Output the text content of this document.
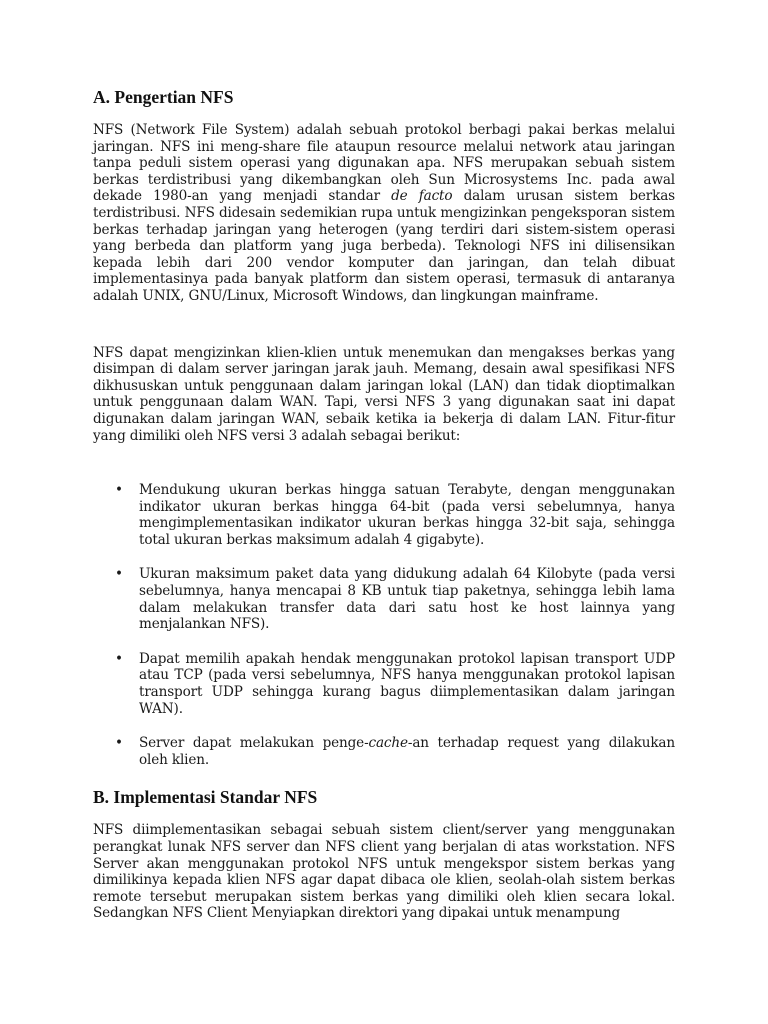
A. Pengertian NFS

NFS (Network File System) adalah sebuah protokol berbagi pakai berkas melalui jaringan. NFS ini meng-share file ataupun resource melalui network atau jaringan tanpa peduli sistem operasi yang digunakan apa. NFS merupakan sebuah sistem berkas terdistribusi yang dikembangkan oleh Sun Microsystems Inc. pada awal dekade 1980-an yang menjadi standar de facto dalam urusan sistem berkas terdistribusi. NFS didesain sedemikian rupa untuk mengizinkan pengeksporan sistem berkas terhadap jaringan yang heterogen (yang terdiri dari sistem-sistem operasi yang berbeda dan platform yang juga berbeda). Teknologi NFS ini dilisensikan kepada lebih dari 200 vendor komputer dan jaringan, dan telah dibuat implementasinya pada banyak platform dan sistem operasi, termasuk di antaranya adalah UNIX, GNU/Linux, Microsoft Windows, dan lingkungan mainframe.

NFS dapat mengizinkan klien-klien untuk menemukan dan mengakses berkas yang disimpan di dalam server jaringan jarak jauh. Memang, desain awal spesifikasi NFS dikhususkan untuk penggunaan dalam jaringan lokal (LAN) dan tidak dioptimalkan untuk penggunaan dalam WAN. Tapi, versi NFS 3 yang digunakan saat ini dapat digunakan dalam jaringan WAN, sebaik ketika ia bekerja di dalam LAN. Fitur-fitur yang dimiliki oleh NFS versi 3 adalah sebagai berikut:

• Mendukung ukuran berkas hingga satuan Terabyte, dengan menggunakan indikator ukuran berkas hingga 64-bit (pada versi sebelumnya, hanya mengimplementasikan indikator ukuran berkas hingga 32-bit saja, sehingga total ukuran berkas maksimum adalah 4 gigabyte).

• Ukuran maksimum paket data yang didukung adalah 64 Kilobyte (pada versi sebelumnya, hanya mencapai 8 KB untuk tiap paketnya, sehingga lebih lama dalam melakukan transfer data dari satu host ke host lainnya yang menjalankan NFS).

• Dapat memilih apakah hendak menggunakan protokol lapisan transport UDP atau TCP (pada versi sebelumnya, NFS hanya menggunakan protokol lapisan transport UDP sehingga kurang bagus diimplementasikan dalam jaringan WAN).

• Server dapat melakukan penge-cache-an terhadap request yang dilakukan oleh klien.

B. Implementasi Standar NFS

NFS diimplementasikan sebagai sebuah sistem client/server yang menggunakan perangkat lunak NFS server dan NFS client yang berjalan di atas workstation. NFS Server akan menggunakan protokol NFS untuk mengekspor sistem berkas yang dimilikinya kepada klien NFS agar dapat dibaca ole klien, seolah-olah sistem berkas remote tersebut merupakan sistem berkas yang dimiliki oleh klien secara lokal. Sedangkan NFS Client Menyiapkan direktori yang dipakai untuk menampung
